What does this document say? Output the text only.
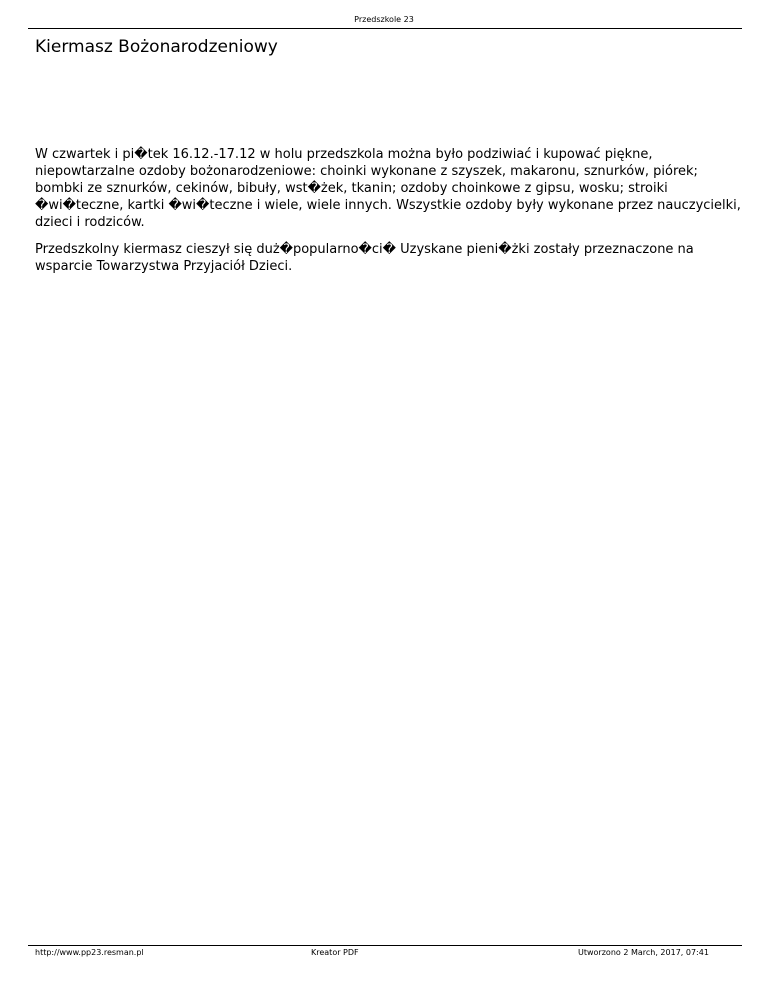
Przedszkole 23
Kiermasz Bożonarodzeniowy

W czwartek i pi�tek 16.12.-17.12 w holu przedszkola można było podziwiać i kupować piękne, niepowtarzalne ozdoby bożonarodzeniowe: choinki wykonane z szyszek, makaronu, sznurków, piórek; bombki ze sznurków, cekinów, bibuły, wst�żek, tkanin; ozdoby choinkowe z gipsu, wosku; stroiki �wi�teczne, kartki �wi�teczne i wiele, wiele innych. Wszystkie ozdoby były wykonane przez nauczycielki, dzieci i rodziców.

Przedszkolny kiermasz cieszył się duż�popularno�ci� Uzyskane pieni�żki zostały przeznaczone na wsparcie Towarzystwa Przyjaciół Dzieci.

http://www.pp23.resman.pl	Kreator PDF	Utworzono 2 March, 2017, 07:41
